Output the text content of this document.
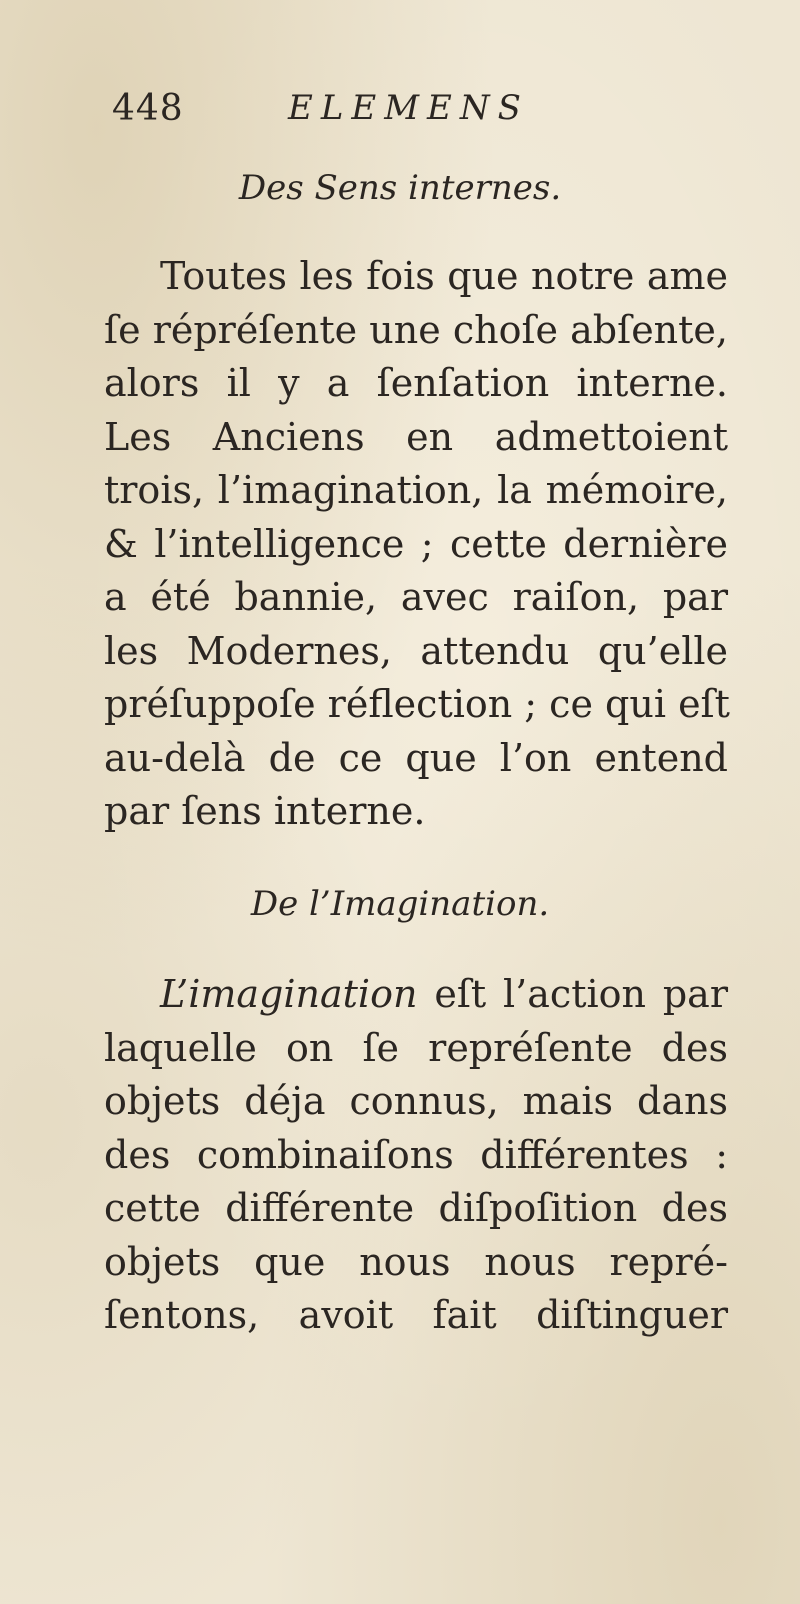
448	ELEMENS
Des Sens internes.
Toutes les fois que notre ame
ſe répréſente une choſe abſente,
alors il y a ſenſation interne.
Les Anciens en admettoient
trois, l’imagination, la mémoire,
& l’intelligence ; cette dernière
a été bannie, avec raiſon, par
les Modernes, attendu qu’elle
préſuppoſe réflection ; ce qui eſt
au-delà de ce que l’on entend
par ſens interne.
De l’Imagination.
L’imagination eſt l’action par
laquelle on ſe repréſente des
objets déja connus, mais dans
des combinaiſons différentes :
cette différente diſpoſition des
objets que nous nous repré-
ſentons, avoit fait diſtinguer
